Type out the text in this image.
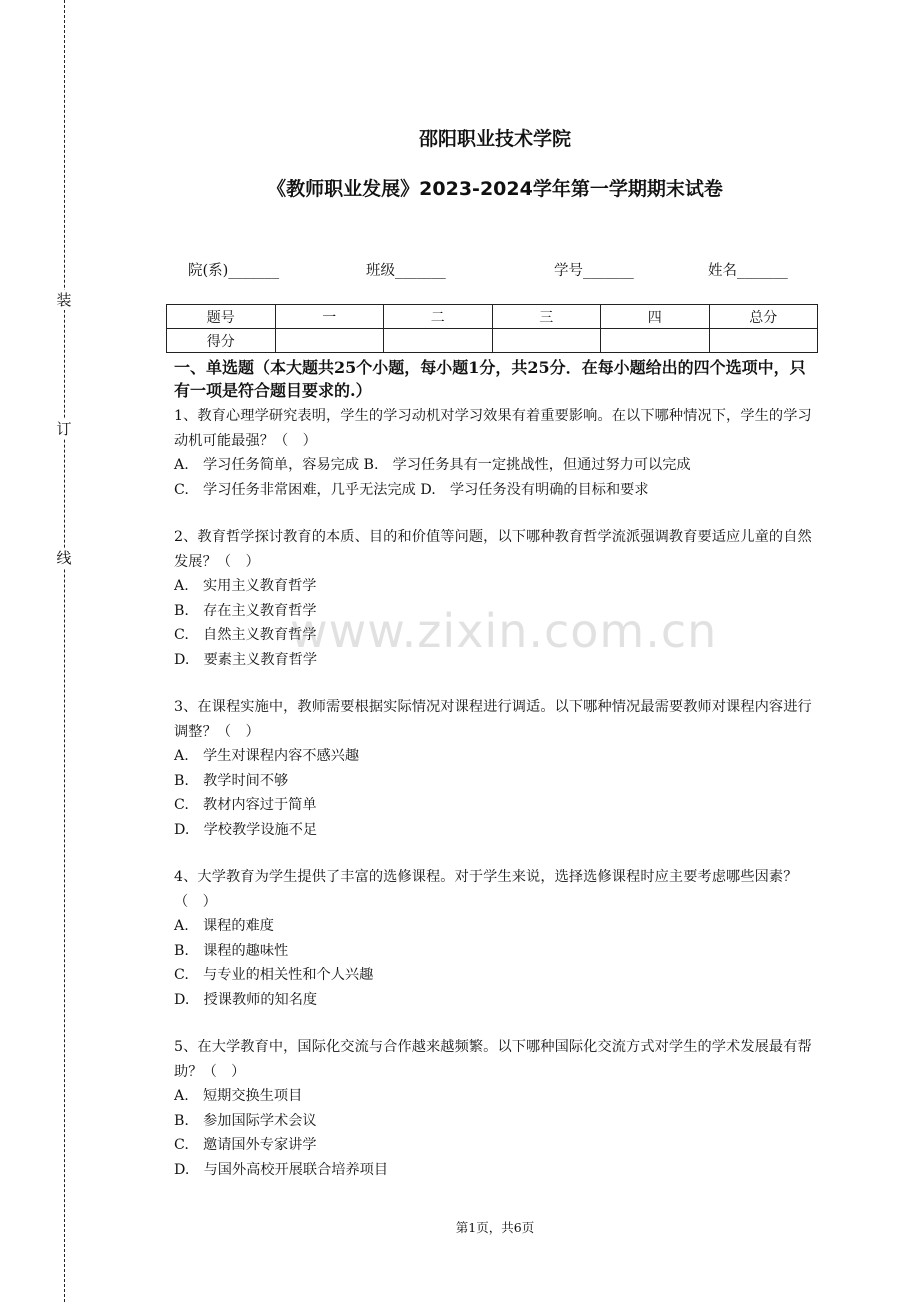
装
订
线
邵阳职业技术学院
《教师职业发展》2023-2024学年第一学期期末试卷
院(系)_______	班级_______	学号_______	姓名_______
题号	一	二	三	四	总分
得分					

一、单选题（本大题共25个小题，每小题1分，共25分．在每小题给出的四个选项中，只有一项是符合题目要求的.）

1、教育心理学研究表明，学生的学习动机对学习效果有着重要影响。在以下哪种情况下，学生的学习动机可能最强？（　）
A.　学习任务简单，容易完成 B.　学习任务具有一定挑战性，但通过努力可以完成
C.　学习任务非常困难，几乎无法完成 D.　学习任务没有明确的目标和要求
2、教育哲学探讨教育的本质、目的和价值等问题，以下哪种教育哲学流派强调教育要适应儿童的自然发展？（　）
A.　实用主义教育哲学
B.　存在主义教育哲学
C.　自然主义教育哲学
D.　要素主义教育哲学
3、在课程实施中，教师需要根据实际情况对课程进行调适。以下哪种情况最需要教师对课程内容进行调整？（　）
A.　学生对课程内容不感兴趣
B.　教学时间不够
C.　教材内容过于简单
D.　学校教学设施不足
4、大学教育为学生提供了丰富的选修课程。对于学生来说，选择选修课程时应主要考虑哪些因素？（　）
A.　课程的难度
B.　课程的趣味性
C.　与专业的相关性和个人兴趣
D.　授课教师的知名度
5、在大学教育中，国际化交流与合作越来越频繁。以下哪种国际化交流方式对学生的学术发展最有帮助？（　）
A.　短期交换生项目
B.　参加国际学术会议
C.　邀请国外专家讲学
D.　与国外高校开展联合培养项目
www.zixin.com.cn
第1页，共6页
